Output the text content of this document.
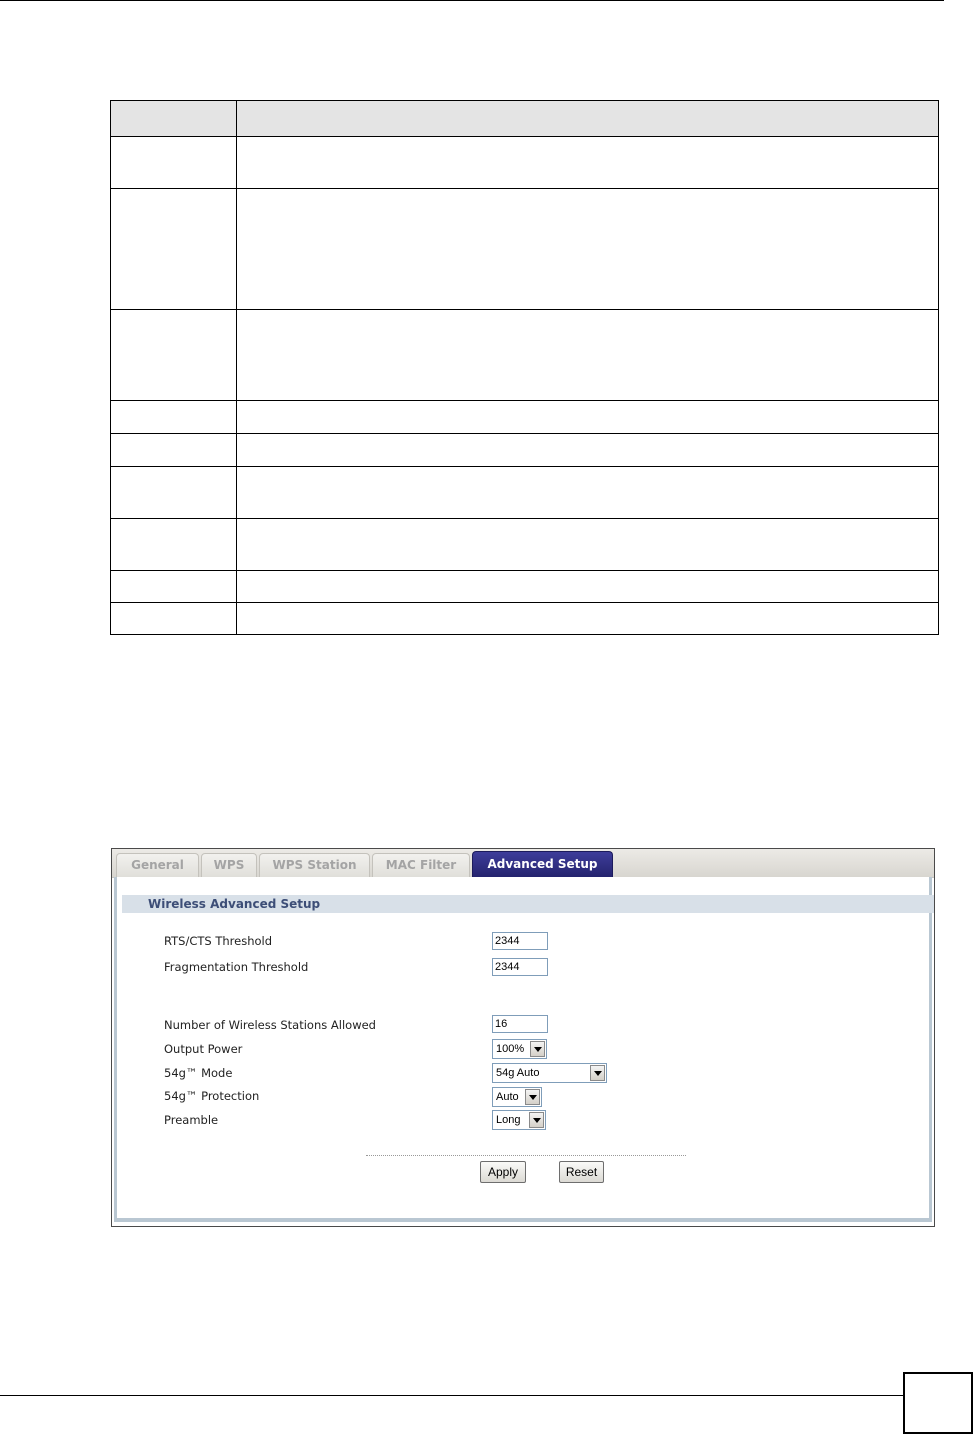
General	WPS	WPS Station	MAC Filter	Advanced Setup
Wireless Advanced Setup
RTS/CTS Threshold	2344
Fragmentation Threshold	2344
Number of Wireless Stations Allowed	16
Output Power	100%
54g™ Mode	54g Auto
54g™ Protection	Auto
Preamble	Long
Apply	Reset
